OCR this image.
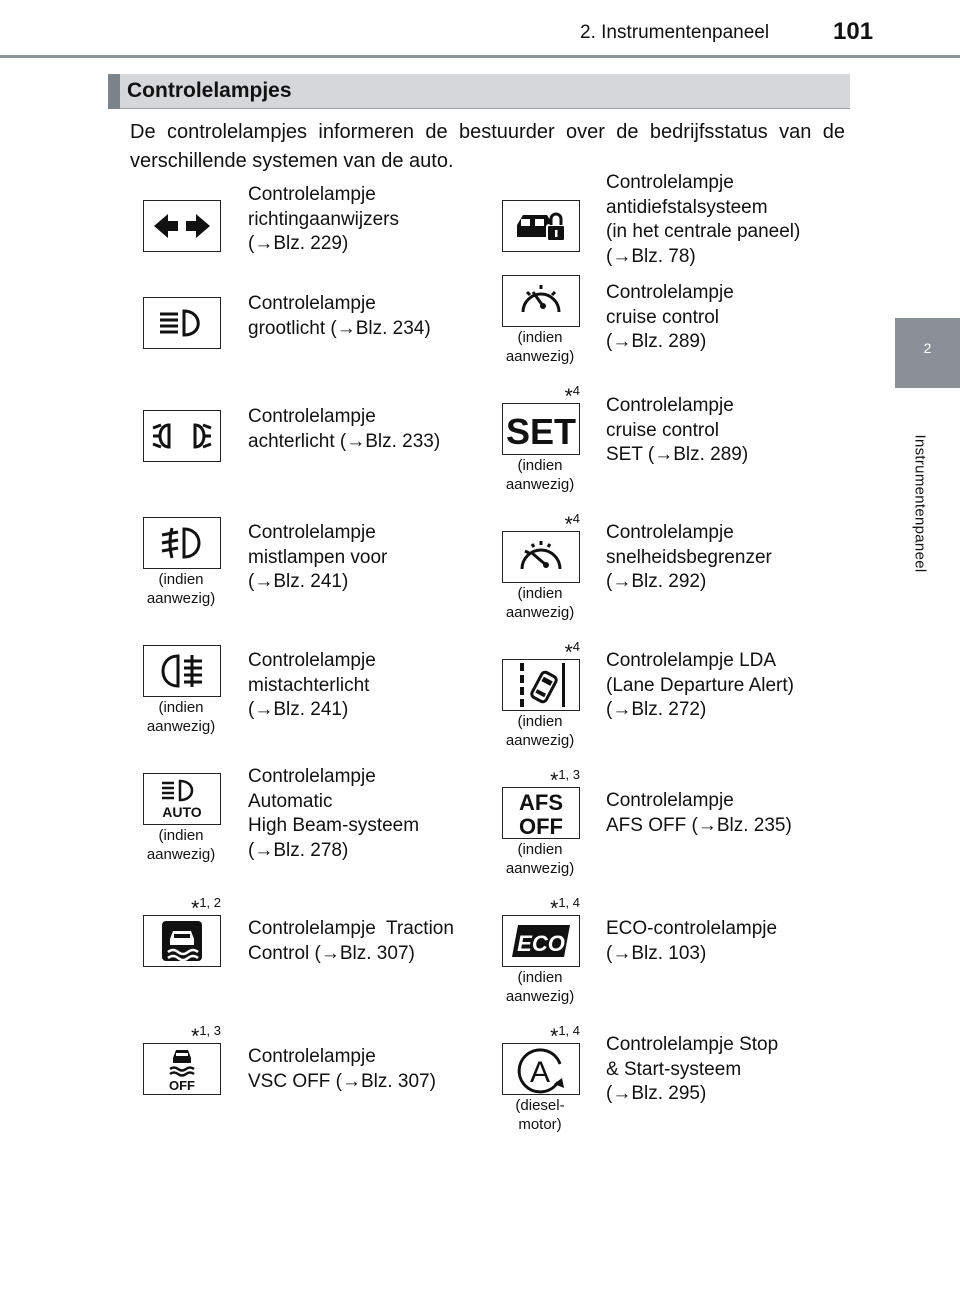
2. Instrumentenpaneel	101
2
Instrumentenpaneel
Controlelampjes
De controlelampjes informeren de bestuurder over de bedrijfsstatus van de verschillende systemen van de auto.
Controlelampje
richtingaanwijzers
(→Blz. 229)
Controlelampje
grootlicht (→Blz. 234)
Controlelampje
achterlicht (→Blz. 233)
(indien
aanwezig)
Controlelampje
mistlampen voor
(→Blz. 241)
(indien
aanwezig)
Controlelampje
mistachterlicht
(→Blz. 241)
AUTO
(indien
aanwezig)
Controlelampje
Automatic
High Beam-systeem
(→Blz. 278)
*$^{1, 2}$
Controlelampje  Traction
Control (→Blz. 307)
OFF
*$^{1, 3}$
Controlelampje
VSC OFF (→Blz. 307)
Controlelampje
antidiefstalsysteem
(in het centrale paneel)
(→Blz. 78)
(indien
aanwezig)
Controlelampje
cruise control
(→Blz. 289)
SET
*$^4$
(indien
aanwezig)
Controlelampje
cruise control
SET (→Blz. 289)
*$^4$
(indien
aanwezig)
Controlelampje
snelheidsbegrenzer
(→Blz. 292)
*$^4$
(indien
aanwezig)
Controlelampje LDA
(Lane Departure Alert)
(→Blz. 272)
AFS
OFF
*$^{1, 3}$
(indien
aanwezig)
Controlelampje
AFS OFF (→Blz. 235)
ECO
*$^{1, 4}$
(indien
aanwezig)
ECO-controlelampje
(→Blz. 103)
A
*$^{1, 4}$
(diesel-
motor)
Controlelampje Stop
& Start-systeem
(→Blz. 295)
